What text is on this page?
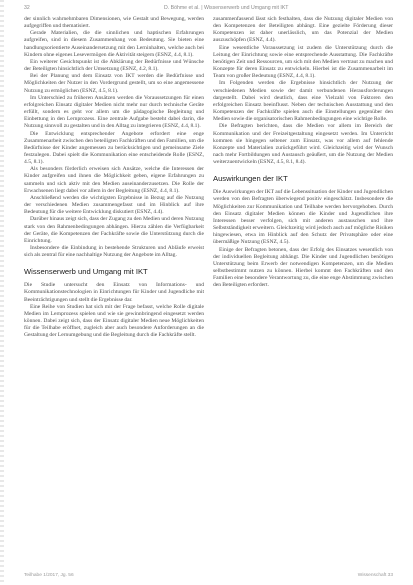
32	D. Böhme et al. | Wissenserwerb und Umgang mit IKT

der sinnlich wahrnehmbaren Dimensionen, wie Gestalt und Bewegung, werden aufgegriffen und thematisiert.

Gerade Materialien, die die sinnlichen und haptischen Erfahrungen aufgreifen, sind in diesem Zusammenhang von Bedeutung. Sie bieten eine handlungsorientierte Auseinandersetzung mit den Lerninhalten, welche auch bei Kindern ohne eigenes Lesevermögen die Aktivität steigern (ESNZ, 4.4, 8.1).

Ein weiterer Gesichtspunkt ist die Abklärung der Bedürfnisse und Wünsche der Beteiligten hinsichtlich der Umsetzung (ESNZ, 4.2, 8.1).

Bei der Planung und dem Einsatz von IKT werden die Bedürfnisse und Möglichkeiten der Nutzer in den Vordergrund gestellt, um so eine angemessene Nutzung zu ermöglichen (ESNZ, 4.5, 8.1).

Im Unterschied zu früheren Ansätzen werden die Voraussetzungen für einen erfolgreichen Einsatz digitaler Medien nicht mehr nur durch technische Geräte erfüllt, sondern es geht vor allem um die pädagogische Begleitung und Einbettung in den Lernprozess. Eine zentrale Aufgabe besteht dabei darin, die Nutzung sinnvoll zu gestalten und in den Alltag zu integrieren (ESNZ, 4.4, 8.1).

Die Entwicklung entsprechender Angebote erfordert eine enge Zusammenarbeit zwischen den beteiligten Fachkräften und den Familien, um die Bedürfnisse der Kinder angemessen zu berücksichtigen und gemeinsame Ziele festzulegen. Dabei spielt die Kommunikation eine entscheidende Rolle (ESNZ, 4.5, 8.1).

Als besonders förderlich erweisen sich Ansätze, welche die Interessen der Kinder aufgreifen und ihnen die Möglichkeit geben, eigene Erfahrungen zu sammeln und sich aktiv mit den Medien auseinanderzusetzen. Die Rolle der Erwachsenen liegt dabei vor allem in der Begleitung (ESNZ, 4.4, 8.1).

Anschließend werden die wichtigsten Ergebnisse in Bezug auf die Nutzung der verschiedenen Medien zusammengefasst und im Hinblick auf ihre Bedeutung für die weitere Entwicklung diskutiert (ESNZ, 4.4).

Darüber hinaus zeigt sich, dass der Zugang zu den Medien und deren Nutzung stark von den Rahmenbedingungen abhängen. Hierzu zählen die Verfügbarkeit der Geräte, die Kompetenzen der Fachkräfte sowie die Unterstützung durch die Einrichtung.

Insbesondere die Einbindung in bestehende Strukturen und Abläufe erweist sich als zentral für eine nachhaltige Nutzung der Angebote im Alltag.

Wissenserwerb und Umgang mit IKT

Die Studie untersucht den Einsatz von Informations- und Kommunikationstechnologien in Einrichtungen für Kinder und Jugendliche mit Beeinträchtigungen und stellt die Ergebnisse dar.

Eine Reihe von Studien hat sich mit der Frage befasst, welche Rolle digitale Medien im Lernprozess spielen und wie sie gewinnbringend eingesetzt werden können. Dabei zeigt sich, dass der Einsatz digitaler Medien neue Möglichkeiten für die Teilhabe eröffnet, zugleich aber auch besondere Anforderungen an die Gestaltung der Lernumgebung und die Begleitung durch die Fachkräfte stellt.

zusammenfassend lässt sich festhalten, dass die Nutzung digitaler Medien von den Kompetenzen der Beteiligten abhängt. Eine gezielte Förderung dieser Kompetenzen ist daher unerlässlich, um das Potenzial der Medien auszuschöpfen (ESNZ, 4.4).

Eine wesentliche Voraussetzung ist zudem die Unterstützung durch die Leitung der Einrichtung sowie eine entsprechende Ausstattung. Die Fachkräfte benötigen Zeit und Ressourcen, um sich mit den Medien vertraut zu machen und Konzepte für deren Einsatz zu entwickeln. Hierbei ist die Zusammenarbeit im Team von großer Bedeutung (ESNZ, 4.4, 8.1).

Im Folgenden werden die Ergebnisse hinsichtlich der Nutzung der verschiedenen Medien sowie der damit verbundenen Herausforderungen dargestellt. Dabei wird deutlich, dass eine Vielzahl von Faktoren den erfolgreichen Einsatz beeinflusst. Neben der technischen Ausstattung und den Kompetenzen der Fachkräfte spielen auch die Einstellungen gegenüber den Medien sowie die organisatorischen Rahmenbedingungen eine wichtige Rolle.

Die Befragten berichten, dass die Medien vor allem im Bereich der Kommunikation und der Freizeitgestaltung eingesetzt werden. Im Unterricht kommen sie hingegen seltener zum Einsatz, was vor allem auf fehlende Konzepte und Materialien zurückgeführt wird. Gleichzeitig wird der Wunsch nach mehr Fortbildungen und Austausch geäußert, um die Nutzung der Medien weiterzuentwickeln (ESNZ, 4.5, 8.1, 8.4).

Auswirkungen der IKT

Die Auswirkungen der IKT auf die Lebenssituation der Kinder und Jugendlichen werden von den Befragten überwiegend positiv eingeschätzt. Insbesondere die Möglichkeiten zur Kommunikation und Teilhabe werden hervorgehoben. Durch den Einsatz digitaler Medien können die Kinder und Jugendlichen ihre Interessen besser verfolgen, sich mit anderen austauschen und ihre Selbstständigkeit erweitern. Gleichzeitig wird jedoch auch auf mögliche Risiken hingewiesen, etwa im Hinblick auf den Schutz der Privatsphäre oder eine übermäßige Nutzung (ESNZ, 4.5).

Einige der Befragten betonen, dass der Erfolg des Einsatzes wesentlich von der individuellen Begleitung abhängt. Die Kinder und Jugendlichen benötigen Unterstützung beim Erwerb der notwendigen Kompetenzen, um die Medien selbstbestimmt nutzen zu können. Hierbei kommt den Fachkräften und den Familien eine besondere Verantwortung zu, die eine enge Abstimmung zwischen den Beteiligten erfordert.

Teilhabe 1/2017, Jg. 56	Wissenschaft 33
